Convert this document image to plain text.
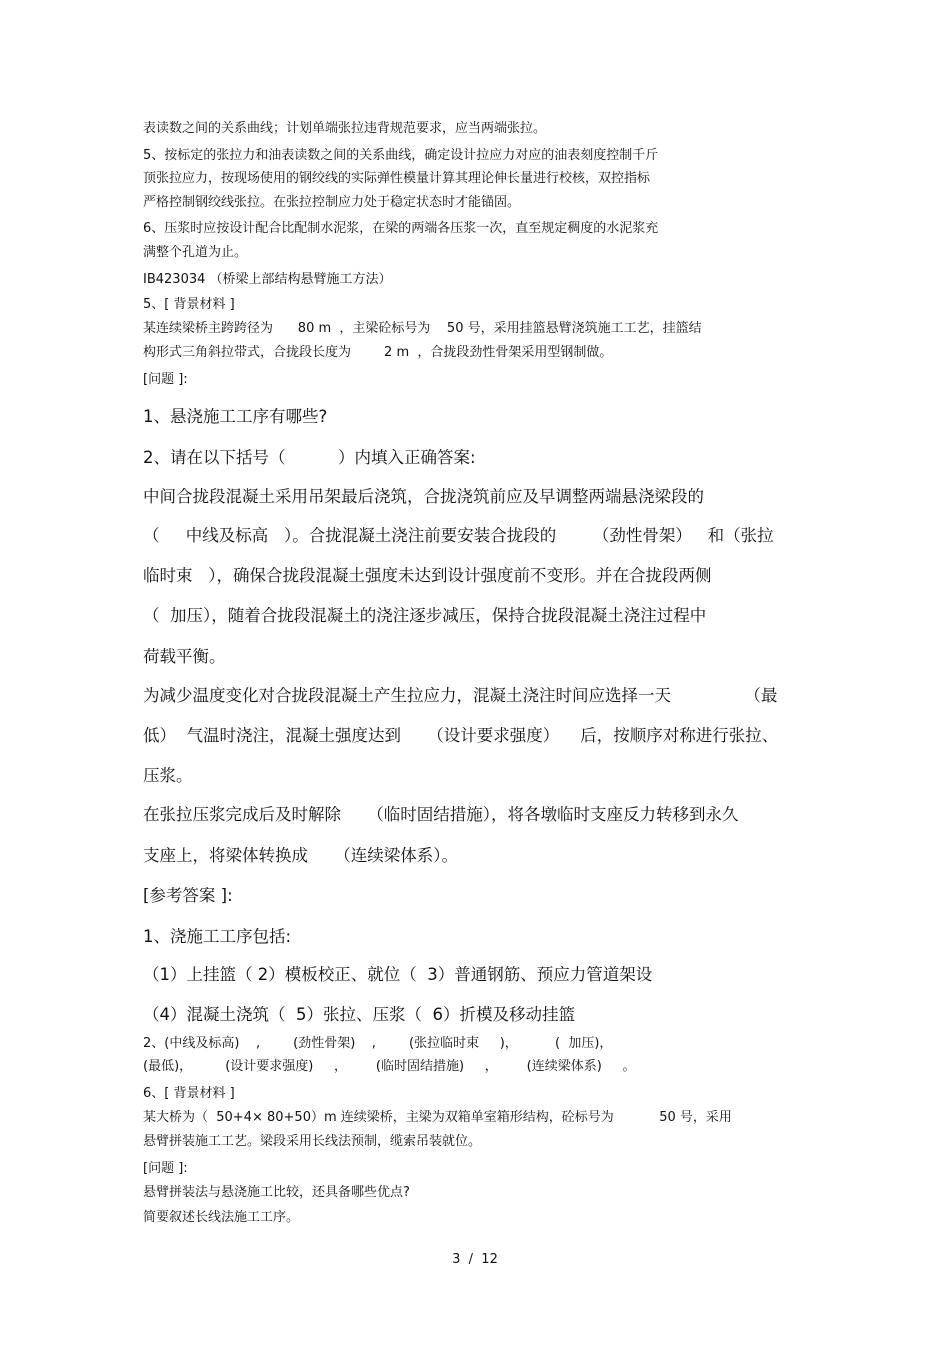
表读数之间的关系曲线；计划单端张拉违背规范要求，应当两端张拉。

5、按标定的张拉力和油表读数之间的关系曲线，确定设计拉应力对应的油表刻度控制千斤

顶张拉应力，按现场使用的钢绞线的实际弹性模量计算其理论伸长量进行校核，双控指标

严格控制钢绞线张拉。在张拉控制应力处于稳定状态时才能锚固。

6、压浆时应按设计配合比配制水泥浆，在梁的两端各压浆一次，直至规定稠度的水泥浆充

满整个孔道为止。

IB423034 （桥梁上部结构悬臂施工方法）

5、[ 背景材料 ]

某连续梁桥主跨跨径为      80 m  ，主梁砼标号为    50 号，采用挂篮悬臂浇筑施工工艺，挂篮结

构形式三角斜拉带式，合拢段长度为        2 m  ，合拢段劲性骨架采用型钢制做。

[问题 ]:

1、悬浇施工工序有哪些?

2、请在以下括号（          ）内填入正确答案:

中间合拢段混凝土采用吊架最后浇筑，合拢浇筑前应及早调整两端悬浇梁段的

（     中线及标高   ）。合拢混凝土浇注前要安装合拢段的       （劲性骨架）   和（张拉

临时束   ），确保合拢段混凝土强度未达到设计强度前不变形。并在合拢段两侧

（  加压），随着合拢段混凝土的浇注逐步减压，保持合拢段混凝土浇注过程中

荷载平衡。

为减少温度变化对合拢段混凝土产生拉应力，混凝土浇注时间应选择一天              （最

低）  气温时浇注，混凝土强度达到     （设计要求强度）    后，按顺序对称进行张拉、

压浆。

在张拉压浆完成后及时解除     （临时固结措施），将各墩临时支座反力转移到永久

支座上，将梁体转换成     （连续梁体系）。

[参考答案 ]:

1、浇施工工序包括:

（1）上挂篮（ 2）模板校正、就位（  3）普通钢筋、预应力管道架设

（4）混凝土浇筑（  5）张拉、压浆（  6）折模及移动挂篮

2、(中线及标高)    ,        (劲性骨架)    ,        (张拉临时束     )，         (  加压)，

(最低)，        (设计要求强度)     ，       (临时固结措施)     ，       (连续梁体系)     。

6、[ 背景材料 ]

某大桥为（  50+4× 80+50）m 连续梁桥，主梁为双箱单室箱形结构，砼标号为           50 号，采用

悬臂拼装施工工艺。梁段采用长线法预制，缆索吊装就位。

[问题 ]:

悬臂拼装法与悬浇施工比较，还具备哪些优点?

简要叙述长线法施工工序。

3  /  12
